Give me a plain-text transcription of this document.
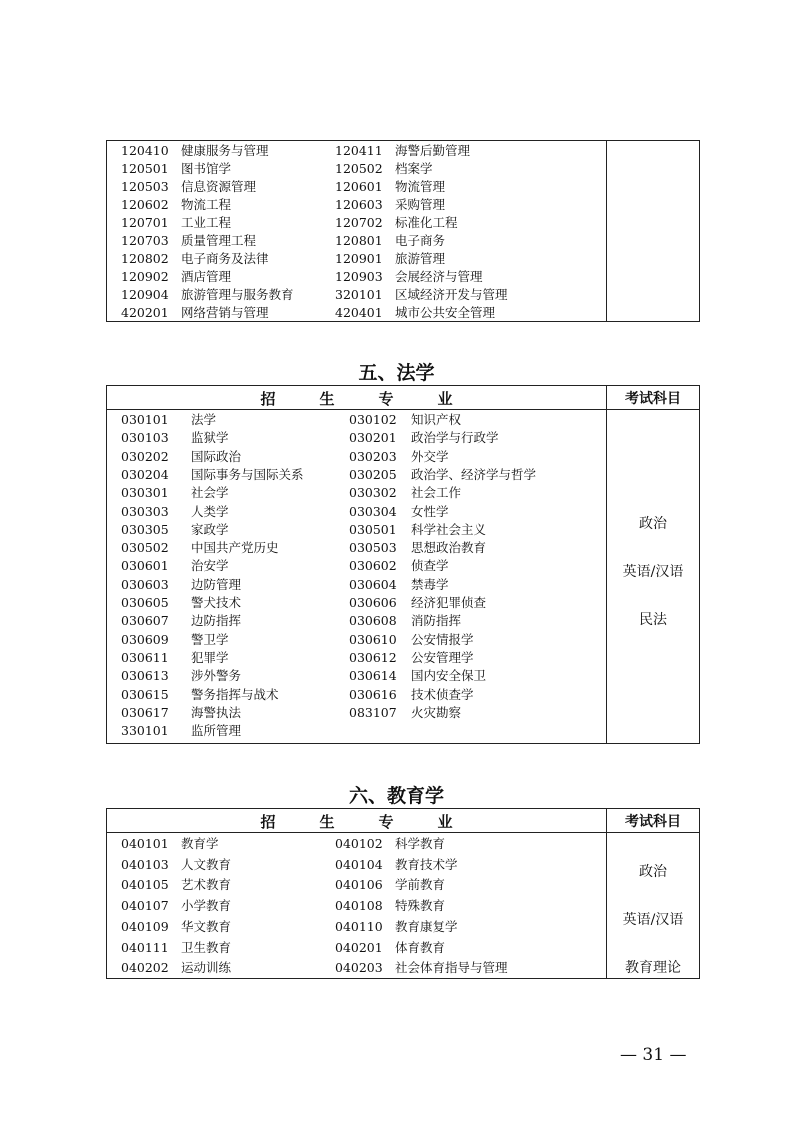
120410 健康服务与管理	120411 海警后勤管理
120501 图书馆学	120502 档案学
120503 信息资源管理	120601 物流管理
120602 物流工程	120603 采购管理
120701 工业工程	120702 标准化工程
120703 质量管理工程	120801 电子商务
120802 电子商务及法律	120901 旅游管理
120902 酒店管理	120903 会展经济与管理
120904 旅游管理与服务教育	320101 区域经济开发与管理
420201 网络营销与管理	420401 城市公共安全管理
五、法学
招	生	专	业	考试科目
政治
英语/汉语
民法
030101 法学	030102 知识产权
030103 监狱学	030201 政治学与行政学
030202 国际政治	030203 外交学
030204 国际事务与国际关系	030205 政治学、经济学与哲学
030301 社会学	030302 社会工作
030303 人类学	030304 女性学
030305 家政学	030501 科学社会主义
030502 中国共产党历史	030503 思想政治教育
030601 治安学	030602 侦查学
030603 边防管理	030604 禁毒学
030605 警犬技术	030606 经济犯罪侦查
030607 边防指挥	030608 消防指挥
030609 警卫学	030610 公安情报学
030611 犯罪学	030612 公安管理学
030613 涉外警务	030614 国内安全保卫
030615 警务指挥与战术	030616 技术侦查学
030617 海警执法	083107 火灾勘察
330101 监所管理
六、教育学
招	生	专	业	考试科目
政治
英语/汉语
教育理论
040101 教育学	040102 科学教育
040103 人文教育	040104 教育技术学
040105 艺术教育	040106 学前教育
040107 小学教育	040108 特殊教育
040109 华文教育	040110 教育康复学
040111 卫生教育	040201 体育教育
040202 运动训练	040203 社会体育指导与管理
— 31 —
